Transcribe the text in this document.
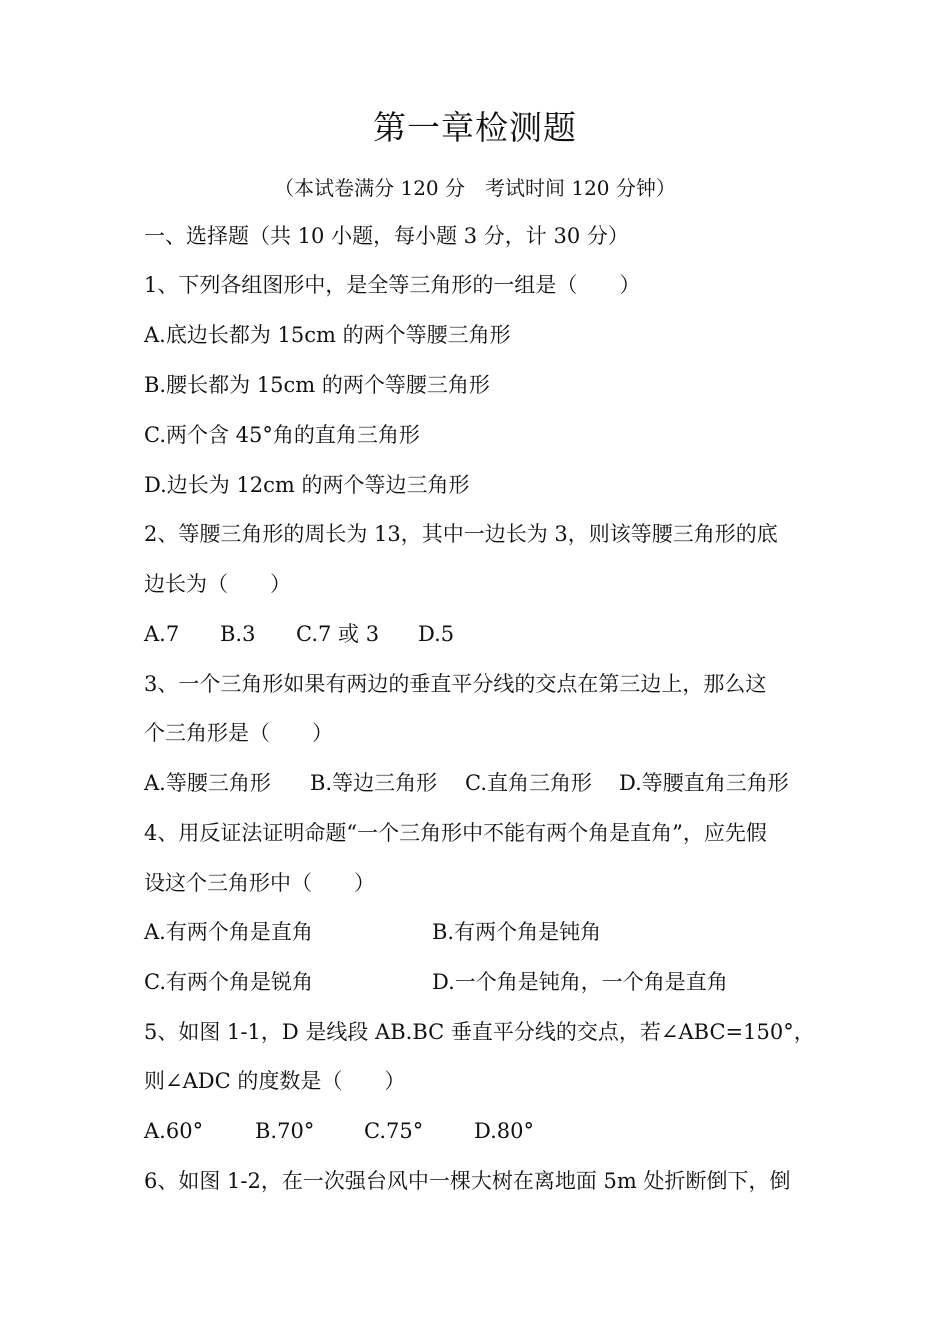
第一章检测题
（本试卷满分 120 分　考试时间 120 分钟）
一、选择题（共 10 小题，每小题 3 分，计 30 分）
1、下列各组图形中，是全等三角形的一组是（　　）
A.底边长都为 15cm 的两个等腰三角形
B.腰长都为 15cm 的两个等腰三角形
C.两个含 45°角的直角三角形
D.边长为 12cm 的两个等边三角形
2、等腰三角形的周长为 13，其中一边长为 3，则该等腰三角形的底
边长为（　　）
A.7 B.3 C.7 或 3 D.5
3、一个三角形如果有两边的垂直平分线的交点在第三边上，那么这
个三角形是（　　）
A.等腰三角形 B.等边三角形 C.直角三角形 D.等腰直角三角形
4、用反证法证明命题“一个三角形中不能有两个角是直角”，应先假
设这个三角形中（　　）
A.有两个角是直角	B.有两个角是钝角
C.有两个角是锐角	D.一个角是钝角，一个角是直角
5、如图 1-1，D 是线段 AB.BC 垂直平分线的交点，若∠ABC=150°，
则∠ADC 的度数是（　　）
A.60° B.70° C.75° D.80°
6、如图 1-2，在一次强台风中一棵大树在离地面 5m 处折断倒下，倒
